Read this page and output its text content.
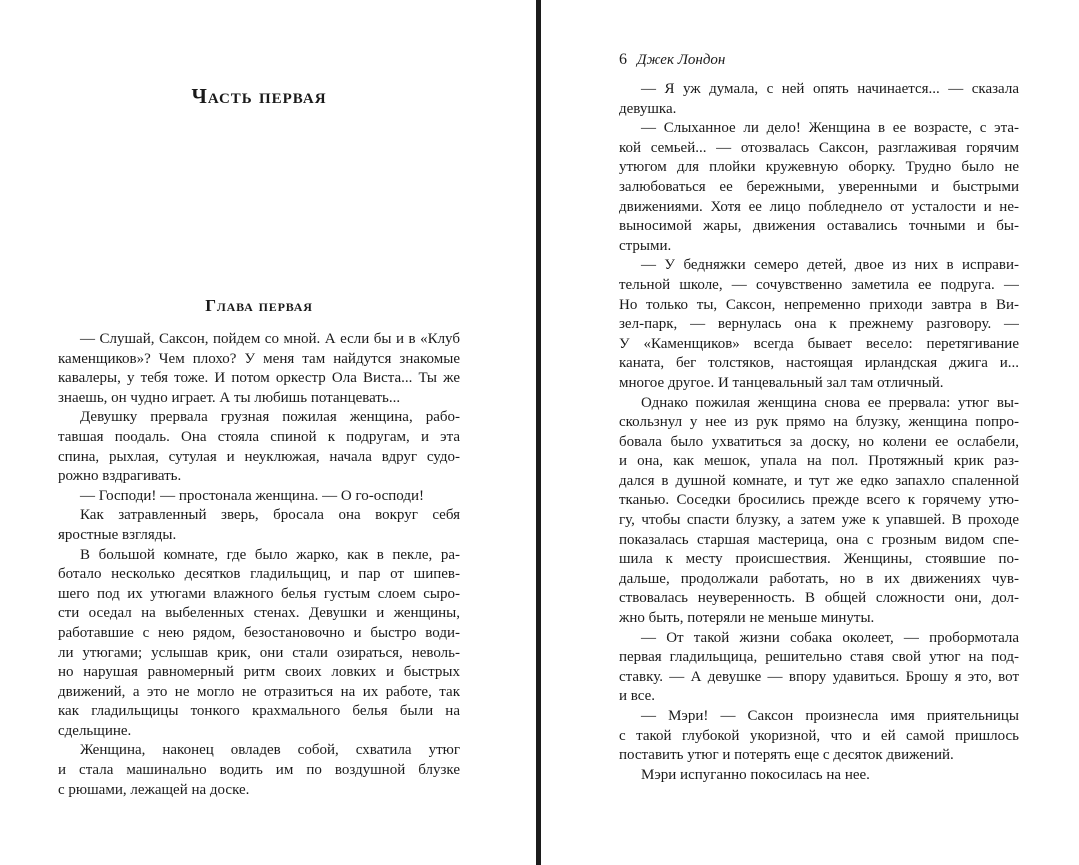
Часть первая
Глава первая
— Слушай, Саксон, пойдем со мной. А если бы и в «Клуб
каменщиков»? Чем плохо? У меня там найдутся знакомые
кавалеры, у тебя тоже. И потом оркестр Ола Виста... Ты же
знаешь, он чудно играет. А ты любишь потанцевать...
Девушку прервала грузная пожилая женщина, рабо-
тавшая поодаль. Она стояла спиной к подругам, и эта
спина, рыхлая, сутулая и неуклюжая, начала вдруг судо-
рожно вздрагивать.
— Господи! — простонала женщина. — О го-осподи!
Как затравленный зверь, бросала она вокруг себя
яростные взгляды.
В большой комнате, где было жарко, как в пекле, ра-
ботало несколько десятков гладильщиц, и пар от шипев-
шего под их утюгами влажного белья густым слоем сыро-
сти оседал на выбеленных стенах. Девушки и женщины,
работавшие с нею рядом, безостановочно и быстро води-
ли утюгами; услышав крик, они стали озираться, неволь-
но нарушая равномерный ритм своих ловких и быстрых
движений, а это не могло не отразиться на их работе, так
как гладильщицы тонкого крахмального белья были на
сдельщине.
Женщина, наконец овладев собой, схватила утюг
и стала машинально водить им по воздушной блузке
с рюшами, лежащей на доске.
6 Джек Лондон
— Я уж думала, с ней опять начинается... — сказала
девушка.
— Слыханное ли дело! Женщина в ее возрасте, с эта-
кой семьей... — отозвалась Саксон, разглаживая горячим
утюгом для плойки кружевную оборку. Трудно было не
залюбоваться ее бережными, уверенными и быстрыми
движениями. Хотя ее лицо побледнело от усталости и не-
выносимой жары, движения оставались точными и бы-
стрыми.
— У бедняжки семеро детей, двое из них в исправи-
тельной школе, — сочувственно заметила ее подруга. —
Но только ты, Саксон, непременно приходи завтра в Ви-
зел-парк, — вернулась она к прежнему разговору. —
У «Каменщиков» всегда бывает весело: перетягивание
каната, бег толстяков, настоящая ирландская джига и...
многое другое. И танцевальный зал там отличный.
Однако пожилая женщина снова ее прервала: утюг вы-
скользнул у нее из рук прямо на блузку, женщина попро-
бовала было ухватиться за доску, но колени ее ослабели,
и она, как мешок, упала на пол. Протяжный крик раз-
дался в душной комнате, и тут же едко запахло спаленной
тканью. Соседки бросились прежде всего к горячему утю-
гу, чтобы спасти блузку, а затем уже к упавшей. В проходе
показалась старшая мастерица, она с грозным видом спе-
шила к месту происшествия. Женщины, стоявшие по-
дальше, продолжали работать, но в их движениях чув-
ствовалась неуверенность. В общей сложности они, дол-
жно быть, потеряли не меньше минуты.
— От такой жизни собака околеет, — пробормотала
первая гладильщица, решительно ставя свой утюг на под-
ставку. — А девушке — впору удавиться. Брошу я это, вот
и все.
— Мэри! — Саксон произнесла имя приятельницы
с такой глубокой укоризной, что и ей самой пришлось
поставить утюг и потерять еще с десяток движений.
Мэри испуганно покосилась на нее.
